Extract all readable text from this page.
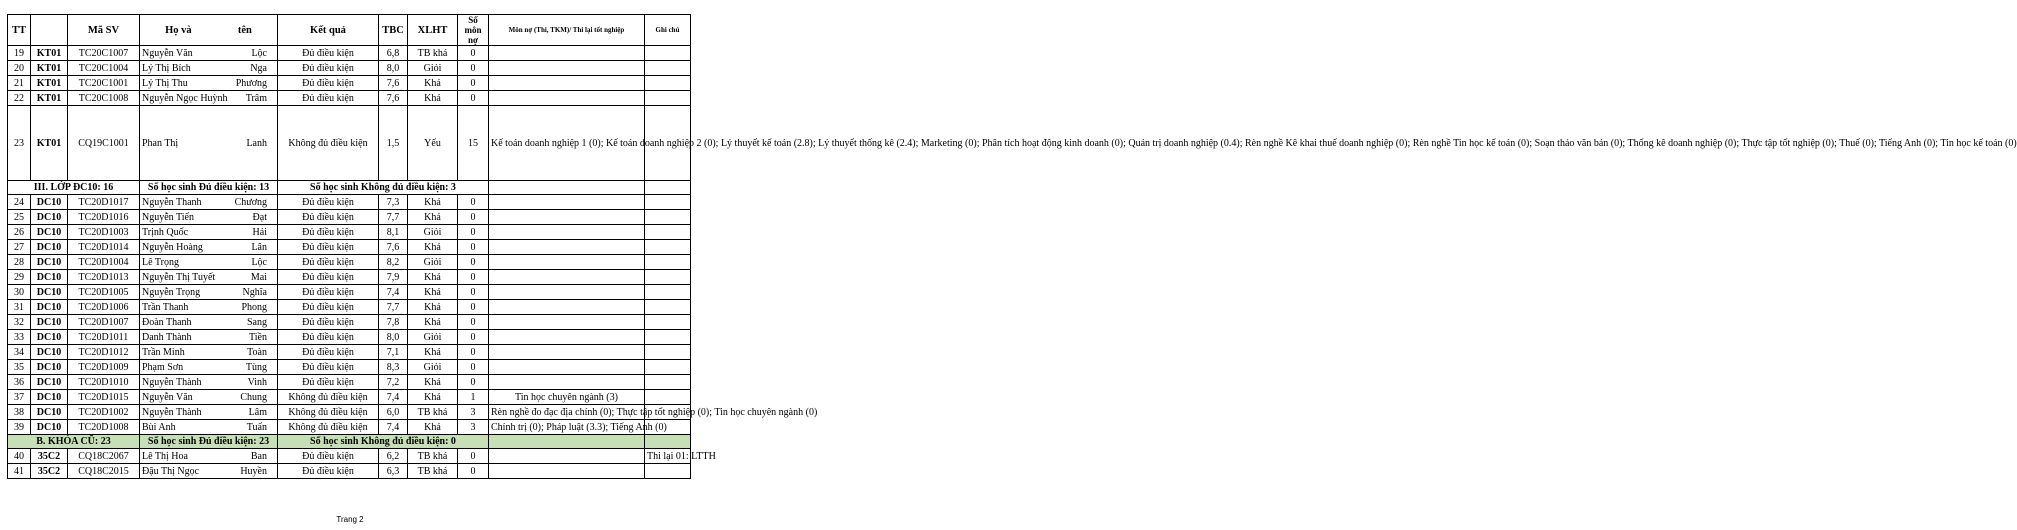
TT		Mã SV	Họ và tên	Kết quả	TBC	XLHT	Số môn nợ	Môn nợ (Thi, TKM)/ Thi lại tốt nghiệp	Ghi chú
19	KT01	TC20C1007	Nguyễn Văn Lộc	Đủ điều kiện	6,8	TB khá	0		
20	KT01	TC20C1004	Lý Thị Bích Nga	Đủ điều kiện	8,0	Giỏi	0		
21	KT01	TC20C1001	Lý Thị Thu Phương	Đủ điều kiện	7,6	Khá	0		
22	KT01	TC20C1008	Nguyễn Ngọc Huỳnh Trâm	Đủ điều kiện	7,6	Khá	0		
23	KT01	CQ19C1001	Phan Thị Lanh	Không đủ điều kiện	1,5	Yếu	15	Kế toán doanh nghiệp 1 (0); Kế toán doanh nghiệp 2 (0); Lý thuyết kế toán (2.8); Lý thuyết thống kê (2.4); Marketing (0); Phân tích hoạt động kinh doanh (0); Quản trị doanh nghiệp (0.4); Rèn nghề Kê khai thuế doanh nghiệp (0); Rèn nghề Tin học kế toán (0); Soạn thảo văn bản (0); Thống kê doanh nghiệp (0); Thực tập tốt nghiệp (0); Thuế (0); Tiếng Anh (0); Tin học kế toán (0)	
III. LỚP ĐC10: 16			Số học sinh Đủ điều kiện: 13	Số học sinh Không đủ điều kiện: 3					
24	DC10	TC20D1017	Nguyễn Thanh Chương	Đủ điều kiện	7,3	Khá	0		
25	DC10	TC20D1016	Nguyễn Tiến Đạt	Đủ điều kiện	7,7	Khá	0		
26	DC10	TC20D1003	Trịnh Quốc Hải	Đủ điều kiện	8,1	Giỏi	0		
27	DC10	TC20D1014	Nguyễn Hoàng Lân	Đủ điều kiện	7,6	Khá	0		
28	DC10	TC20D1004	Lê Trọng Lộc	Đủ điều kiện	8,2	Giỏi	0		
29	DC10	TC20D1013	Nguyễn Thị Tuyết Mai	Đủ điều kiện	7,9	Khá	0		
30	DC10	TC20D1005	Nguyễn Trọng Nghĩa	Đủ điều kiện	7,4	Khá	0		
31	DC10	TC20D1006	Trần Thanh Phong	Đủ điều kiện	7,7	Khá	0		
32	DC10	TC20D1007	Đoàn Thanh Sang	Đủ điều kiện	7,8	Khá	0		
33	DC10	TC20D1011	Danh Thành Tiền	Đủ điều kiện	8,0	Giỏi	0		
34	DC10	TC20D1012	Trần Minh Toàn	Đủ điều kiện	7,1	Khá	0		
35	DC10	TC20D1009	Phạm Sơn Tùng	Đủ điều kiện	8,3	Giỏi	0		
36	DC10	TC20D1010	Nguyễn Thành Vinh	Đủ điều kiện	7,2	Khá	0		
37	DC10	TC20D1015	Nguyễn Văn Chung	Không đủ điều kiện	7,4	Khá	1	Tin học chuyên ngành (3)	
38	DC10	TC20D1002	Nguyễn Thành Lâm	Không đủ điều kiện	6,0	TB khá	3	Rèn nghề đo đạc địa chính (0); Thực tập tốt nghiệp (0); Tin học chuyên ngành (0)	
39	DC10	TC20D1008	Bùi Anh Tuấn	Không đủ điều kiện	7,4	Khá	3	Chính trị (0); Pháp luật (3.3); Tiếng Anh (0)	
B. KHÓA CŨ: 23			Số học sinh Đủ điều kiện: 23	Số học sinh Không đủ điều kiện: 0					
40	35C2	CQ18C2067	Lê Thị Hoa Ban	Đủ điều kiện	6,2	TB khá	0		Thi lại 01: LTTH
41	35C2	CQ18C2015	Đậu Thị Ngọc Huyền	Đủ điều kiện	6,3	TB khá	0		
Trang 2
